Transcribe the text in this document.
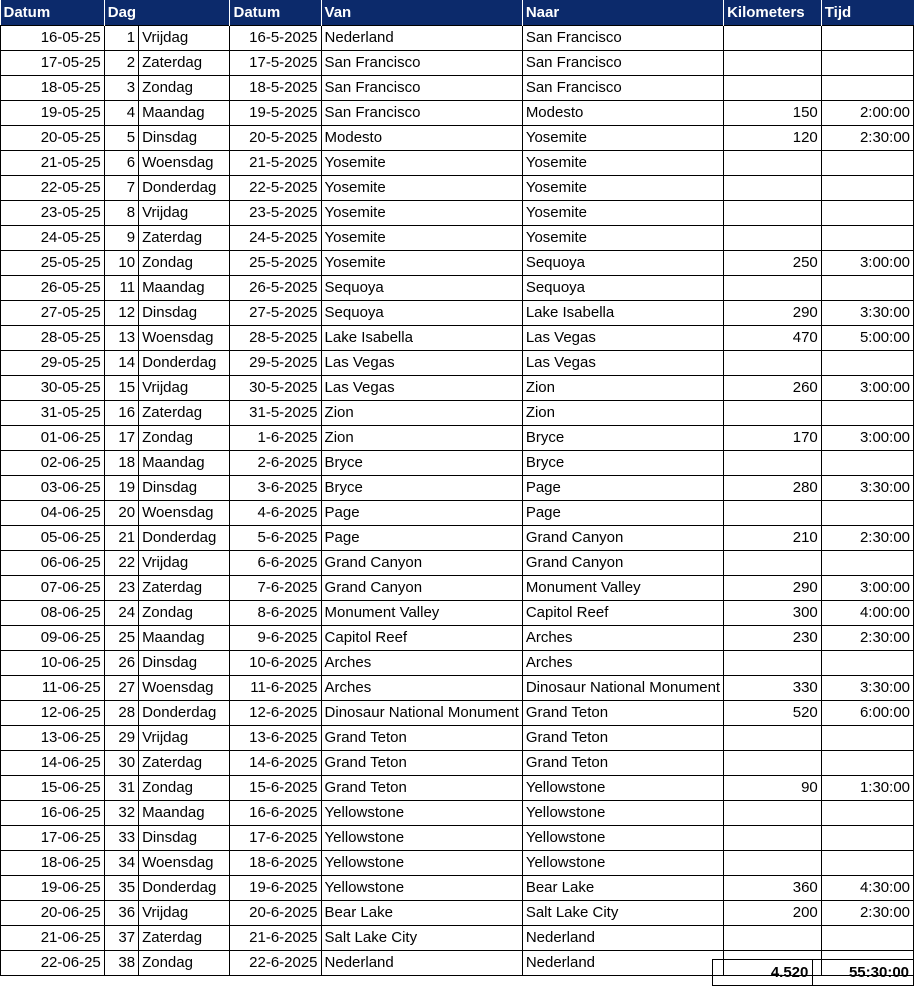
Datum	Dag		Datum	Van	Naar	Kilometers	Tijd
16-05-25	1	Vrijdag	16-5-2025	Nederland	San Francisco		
17-05-25	2	Zaterdag	17-5-2025	San Francisco	San Francisco		
18-05-25	3	Zondag	18-5-2025	San Francisco	San Francisco		
19-05-25	4	Maandag	19-5-2025	San Francisco	Modesto	150	2:00:00
20-05-25	5	Dinsdag	20-5-2025	Modesto	Yosemite	120	2:30:00
21-05-25	6	Woensdag	21-5-2025	Yosemite	Yosemite		
22-05-25	7	Donderdag	22-5-2025	Yosemite	Yosemite		
23-05-25	8	Vrijdag	23-5-2025	Yosemite	Yosemite		
24-05-25	9	Zaterdag	24-5-2025	Yosemite	Yosemite		
25-05-25	10	Zondag	25-5-2025	Yosemite	Sequoya	250	3:00:00
26-05-25	11	Maandag	26-5-2025	Sequoya	Sequoya		
27-05-25	12	Dinsdag	27-5-2025	Sequoya	Lake Isabella	290	3:30:00
28-05-25	13	Woensdag	28-5-2025	Lake Isabella	Las Vegas	470	5:00:00
29-05-25	14	Donderdag	29-5-2025	Las Vegas	Las Vegas		
30-05-25	15	Vrijdag	30-5-2025	Las Vegas	Zion	260	3:00:00
31-05-25	16	Zaterdag	31-5-2025	Zion	Zion		
01-06-25	17	Zondag	1-6-2025	Zion	Bryce	170	3:00:00
02-06-25	18	Maandag	2-6-2025	Bryce	Bryce		
03-06-25	19	Dinsdag	3-6-2025	Bryce	Page	280	3:30:00
04-06-25	20	Woensdag	4-6-2025	Page	Page		
05-06-25	21	Donderdag	5-6-2025	Page	Grand Canyon	210	2:30:00
06-06-25	22	Vrijdag	6-6-2025	Grand Canyon	Grand Canyon		
07-06-25	23	Zaterdag	7-6-2025	Grand Canyon	Monument Valley	290	3:00:00
08-06-25	24	Zondag	8-6-2025	Monument Valley	Capitol Reef	300	4:00:00
09-06-25	25	Maandag	9-6-2025	Capitol Reef	Arches	230	2:30:00
10-06-25	26	Dinsdag	10-6-2025	Arches	Arches		
11-06-25	27	Woensdag	11-6-2025	Arches	Dinosaur National Monument	330	3:30:00
12-06-25	28	Donderdag	12-6-2025	Dinosaur National Monument	Grand Teton	520	6:00:00
13-06-25	29	Vrijdag	13-6-2025	Grand Teton	Grand Teton		
14-06-25	30	Zaterdag	14-6-2025	Grand Teton	Grand Teton		
15-06-25	31	Zondag	15-6-2025	Grand Teton	Yellowstone	90	1:30:00
16-06-25	32	Maandag	16-6-2025	Yellowstone	Yellowstone		
17-06-25	33	Dinsdag	17-6-2025	Yellowstone	Yellowstone		
18-06-25	34	Woensdag	18-6-2025	Yellowstone	Yellowstone		
19-06-25	35	Donderdag	19-6-2025	Yellowstone	Bear Lake	360	4:30:00
20-06-25	36	Vrijdag	20-6-2025	Bear Lake	Salt Lake City	200	2:30:00
21-06-25	37	Zaterdag	21-6-2025	Salt Lake City	Nederland		
22-06-25	38	Zondag	22-6-2025	Nederland	Nederland		
4.520	55:30:00
